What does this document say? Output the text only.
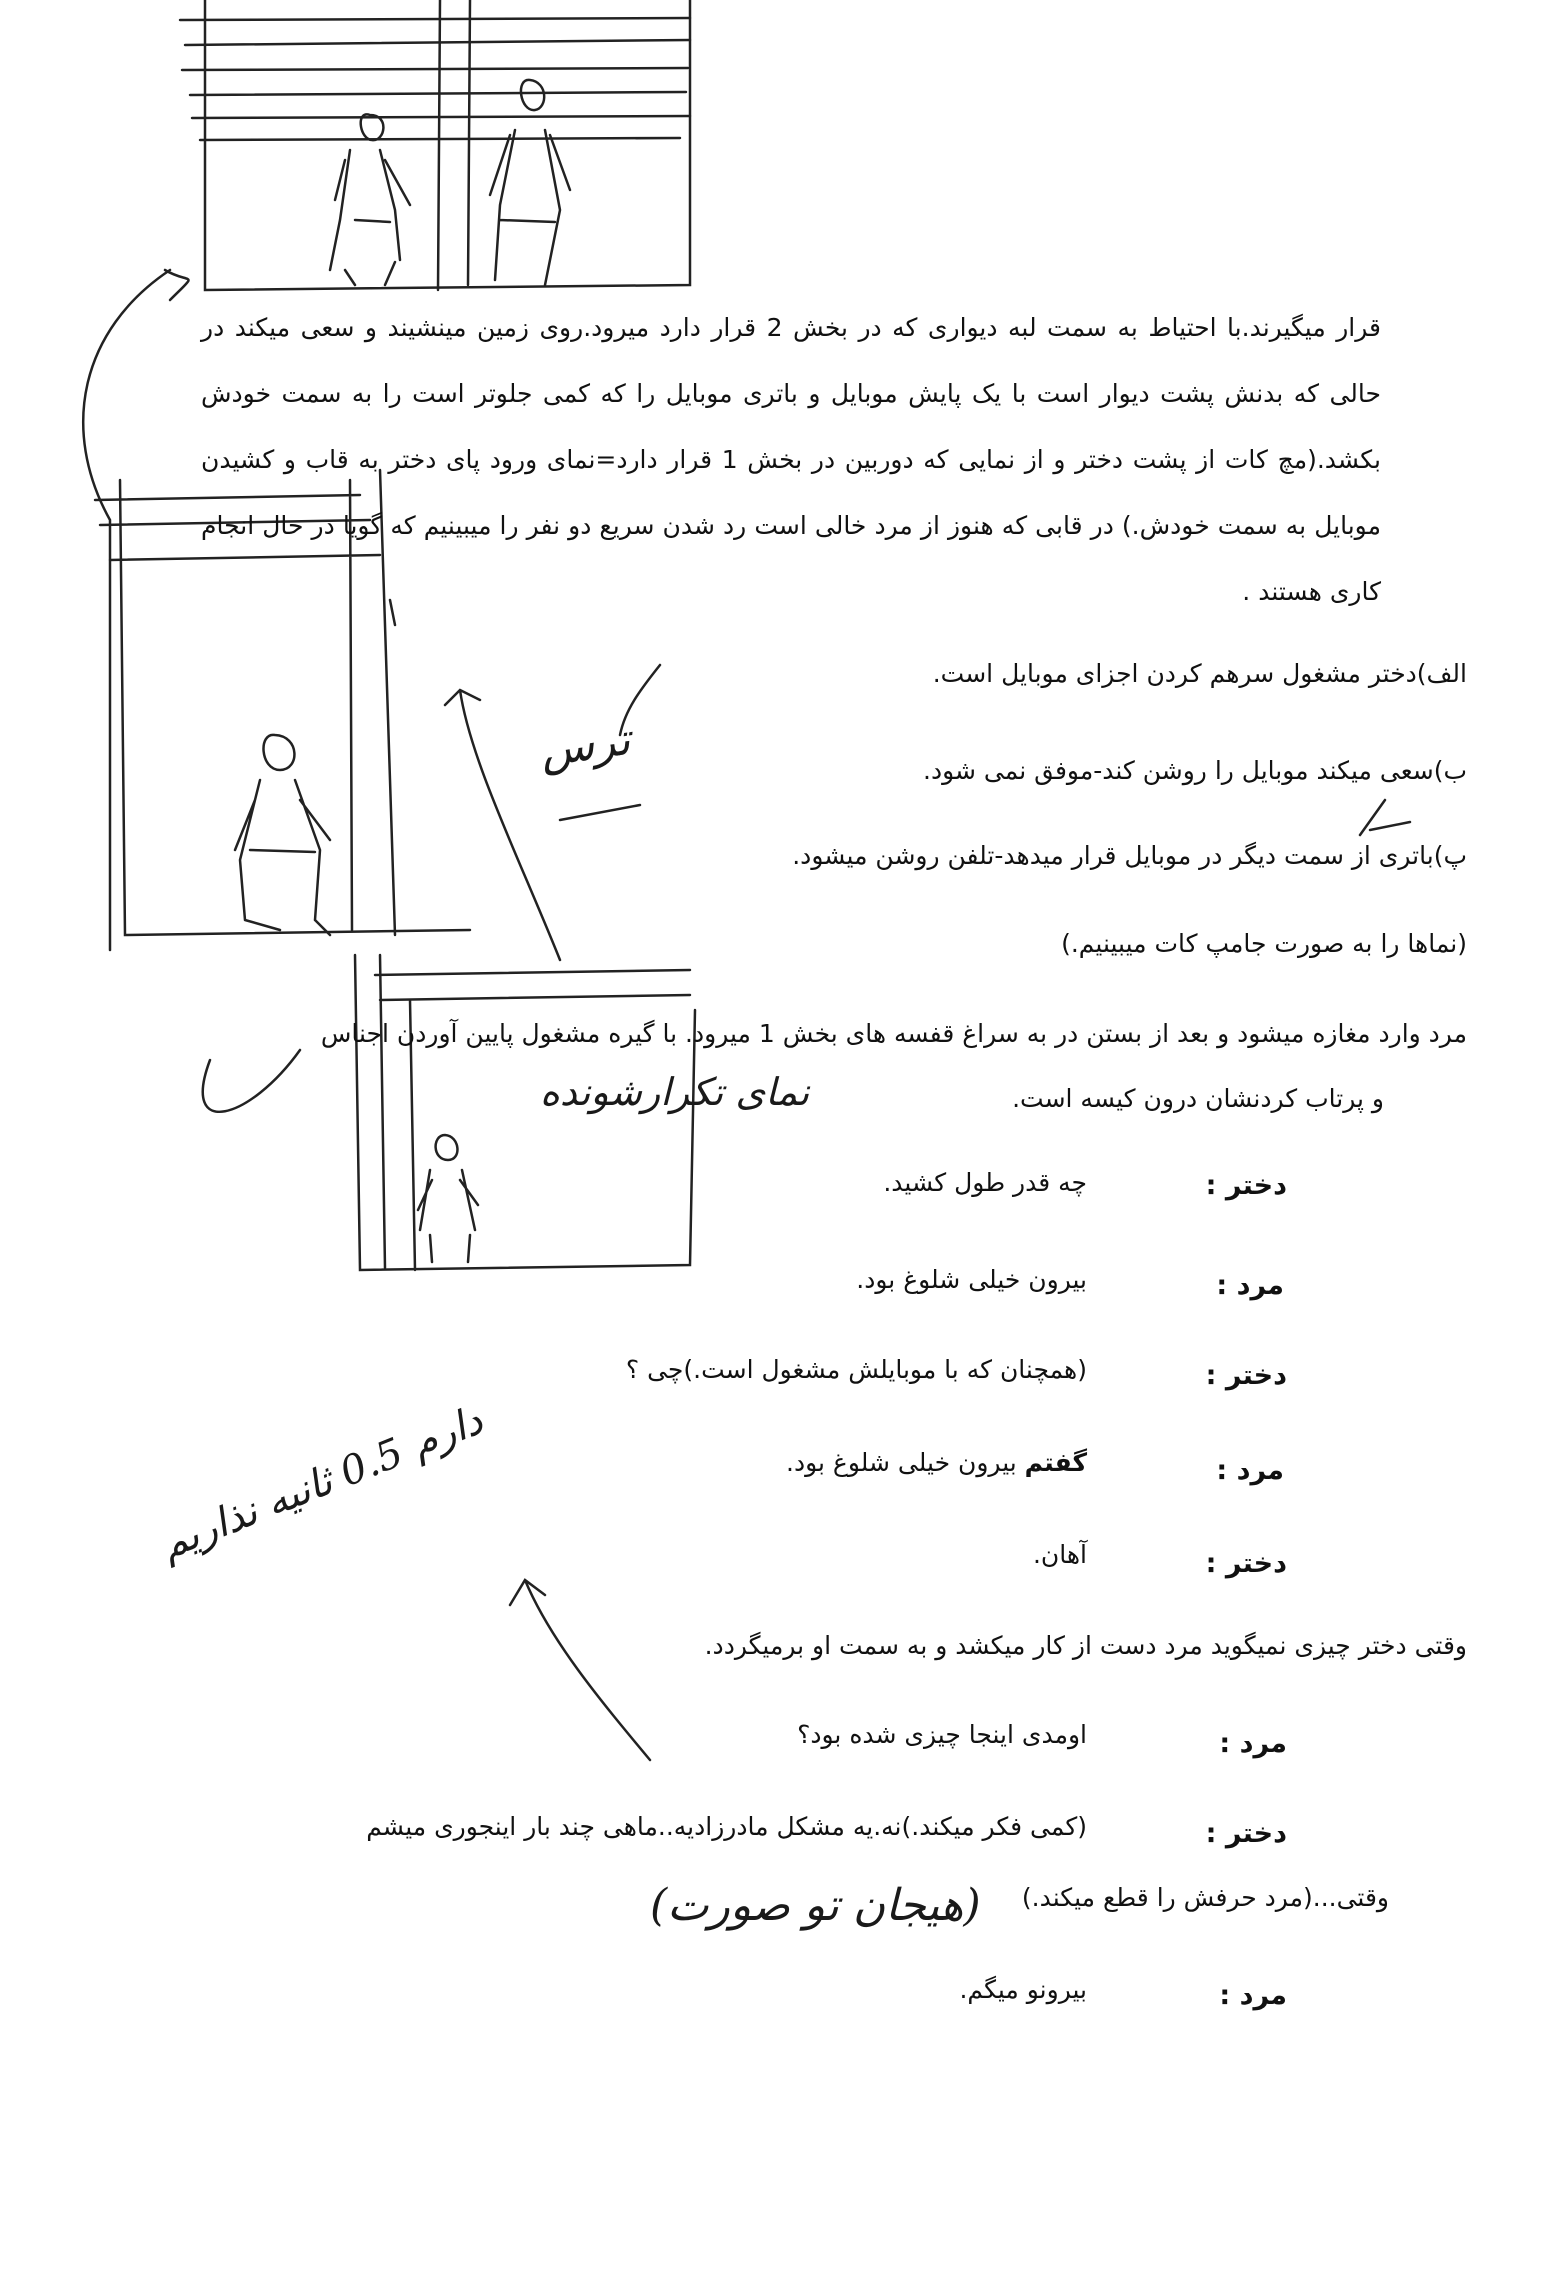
قرار میگیرند.با احتیاط به سمت لبه دیواری که در بخش 2 قرار دارد میرود.روی زمین مینشیند و سعی میکند در حالی که بدنش پشت دیوار است با یک پایش موبایل و باتری موبایل را که کمی جلوتر است را به سمت خودش بکشد.(مچ کات از پشت دختر و از نمایی که دوربین در بخش 1 قرار دارد=نمای ورود پای دختر به قاب و کشیدن موبایل به سمت خودش.) در قابی که هنوز از مرد خالی است رد شدن سریع دو نفر را میبینیم که گویا در حال انجام کاری هستند .
الف)دختر مشغول سرهم کردن اجزای موبایل است.
ب)سعی میکند موبایل را روشن کند-موفق نمی شود.
پ)باتری از سمت دیگر در موبایل قرار میدهد-تلفن روشن میشود.
(نماها را به صورت جامپ کات میبینیم.)
مرد وارد مغازه میشود و بعد از بستن در به سراغ قفسه های بخش 1 میرود. با گیره مشغول پایین آوردن اجناس
و پرتاب کردنشان درون کیسه است.
دختر :
چه قدر طول کشید.
مرد :
بیرون خیلی شلوغ بود.
دختر :
(همچنان که با موبایلش مشغول است.)چی ؟
مرد :
گفتم بیرون خیلی شلوغ بود.
دختر :
آهان.
وقتی دختر چیزی نمیگوید مرد دست از کار میکشد و به سمت او برمیگردد.
مرد :
اومدی اینجا چیزی شده بود؟
دختر :
(کمی فکر میکند.)نه.یه مشکل مادرزادیه..ماهی چند بار اینجوری میشم
وقتی...(مرد حرفش را قطع میکند.)
مرد :
بیرونو میگم.
ترس
نمای تکرارشونده
دارم 0.5 ثانیه نذاریم
(هیجان تو صورت)
